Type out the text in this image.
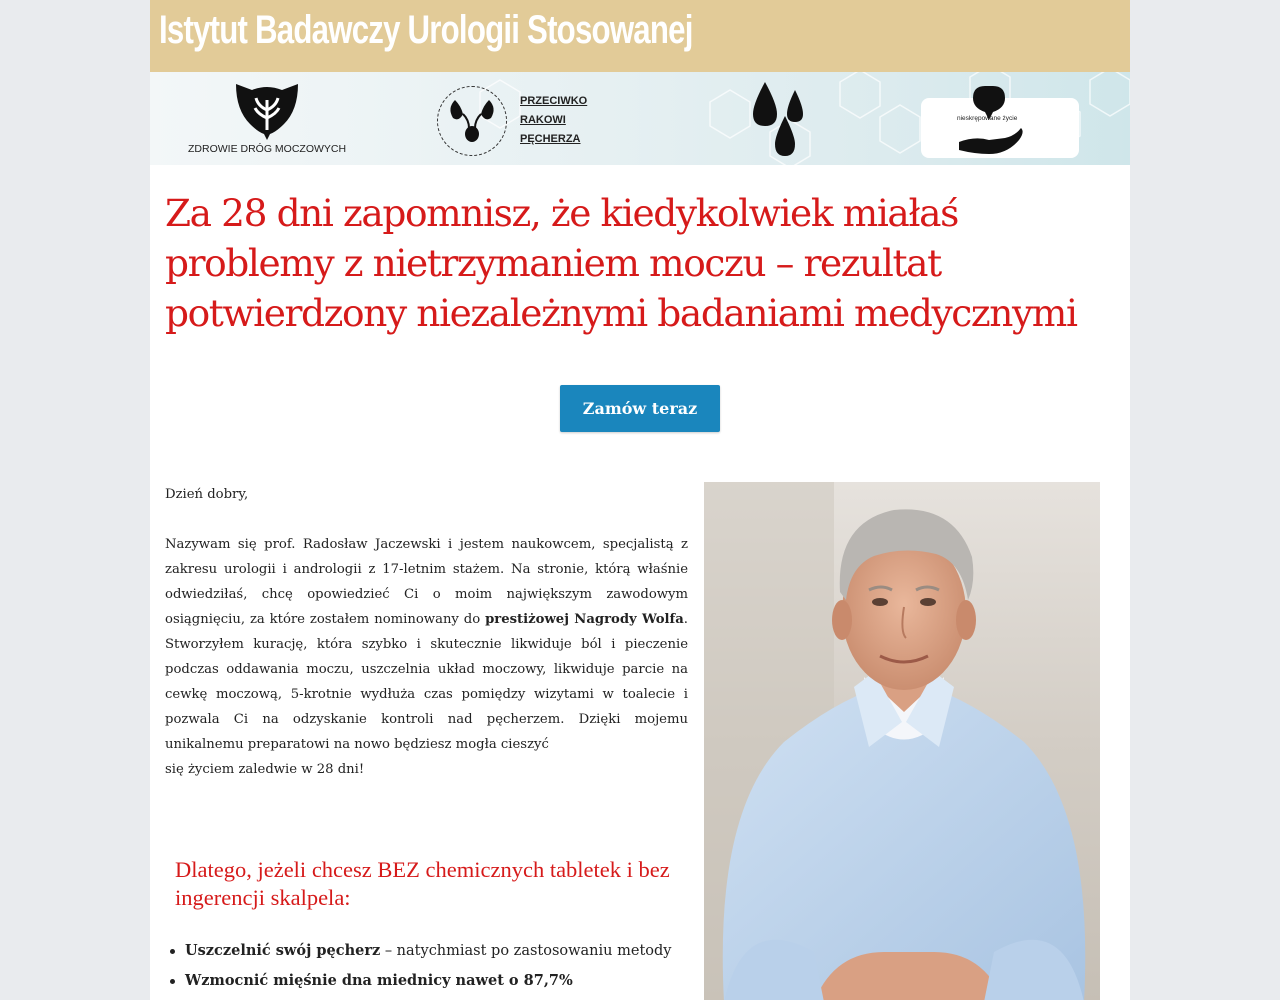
Istytut Badawczy Urologii Stosowanej
ZDROWIE DRÓG MOCZOWYCH
PRZECIWKO
RAKOWI
PĘCHERZA
nieskrępowane życie
Za 28 dni zapomnisz, że kiedykolwiek miałaś problemy z nietrzymaniem moczu – rezultat potwierdzony niezależnymi badaniami medycznymi
Zamów teraz

Dzień dobry,

Nazywam się prof. Radosław Jaczewski i jestem naukowcem, specjalistą z zakresu urologii i andrologii z 17-letnim stażem. Na stronie, którą właśnie odwiedziłaś, chcę opowiedzieć Ci o moim największym zawodowym osiągnięciu, za które zostałem nominowany do prestiżowej Nagrody Wolfa. Stworzyłem kurację, która szybko i skutecznie likwiduje ból i pieczenie podczas oddawania moczu, uszczelnia układ moczowy, likwiduje parcie na cewkę moczową, 5-krotnie wydłuża czas pomiędzy wizytami w toalecie i pozwala Ci na odzyskanie kontroli nad pęcherzem. Dzięki mojemu unikalnemu preparatowi na nowo będziesz mogła cieszyć

się życiem zaledwie w 28 dni!

Dlatego, jeżeli chcesz BEZ chemicznych tabletek i bez ingerencji skalpela:
Uszczelnić swój pęcherz – natychmiast po zastosowaniu metody
Wzmocnić mięśnie dna miednicy nawet o 87,7%
